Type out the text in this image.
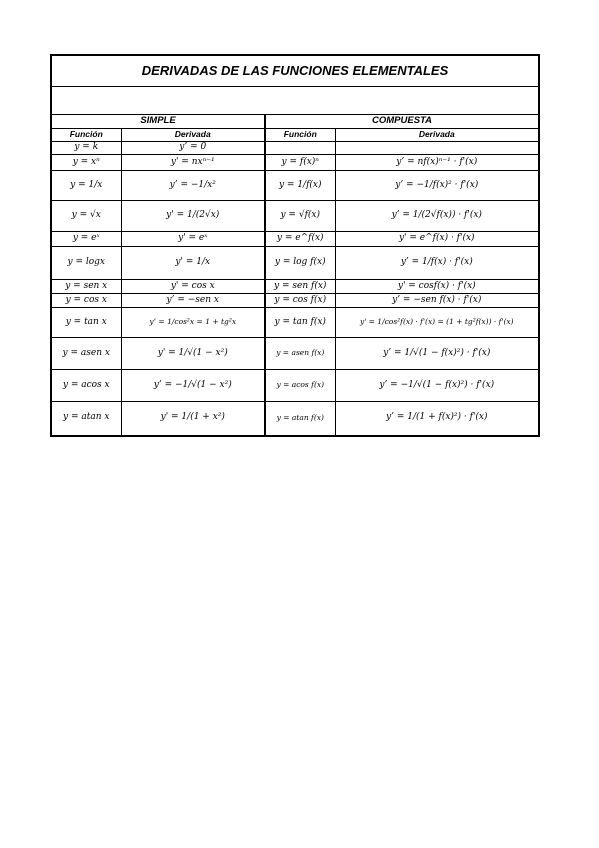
DERIVADAS DE LAS FUNCIONES ELEMENTALES			

SIMPLE		COMPUESTA	
Función	Derivada	Función	Derivada
y = k	y’ = 0		
y = xⁿ	y' = nxⁿ⁻¹	y = f(x)ⁿ	y’ = nf(x)ⁿ⁻¹ · f'(x)
y = 1/x	y’ = −1/x²	y = 1/f(x)	y’ = −1/f(x)² · f'(x)
y = √x	y' = 1/(2√x)	y = √f(x)	y’ = 1/(2√f(x)) · f'(x)
y = eˣ	y' = eˣ	y = e^f(x)	y' = e^f(x) · f'(x)
y = logx	y' = 1/x	y = log f(x)	y’ = 1/f(x) · f'(x)
y = sen x	y' = cos x	y = sen f(x)	y' = cosf(x) · f'(x)
y = cos x	y’ = −sen x	y = cos f(x)	y’ = −sen f(x) · f'(x)
y = tan x	y’ = 1/cos²x = 1 + tg²x	y = tan f(x)	y' = 1/cos²f(x) · f'(x) = (1 + tg²f(x)) · f'(x)
y = asen x	y' = 1/√(1 − x²)	y = asen f(x)	y’ = 1/√(1 − f(x)²) · f'(x)
y = acos x	y’ = −1/√(1 − x²)	y = acos f(x)	y’ = −1/√(1 − f(x)²) · f'(x)
y = atan x	y' = 1/(1 + x²)	y = atan f(x)	y’ = 1/(1 + f(x)²) · f'(x)
